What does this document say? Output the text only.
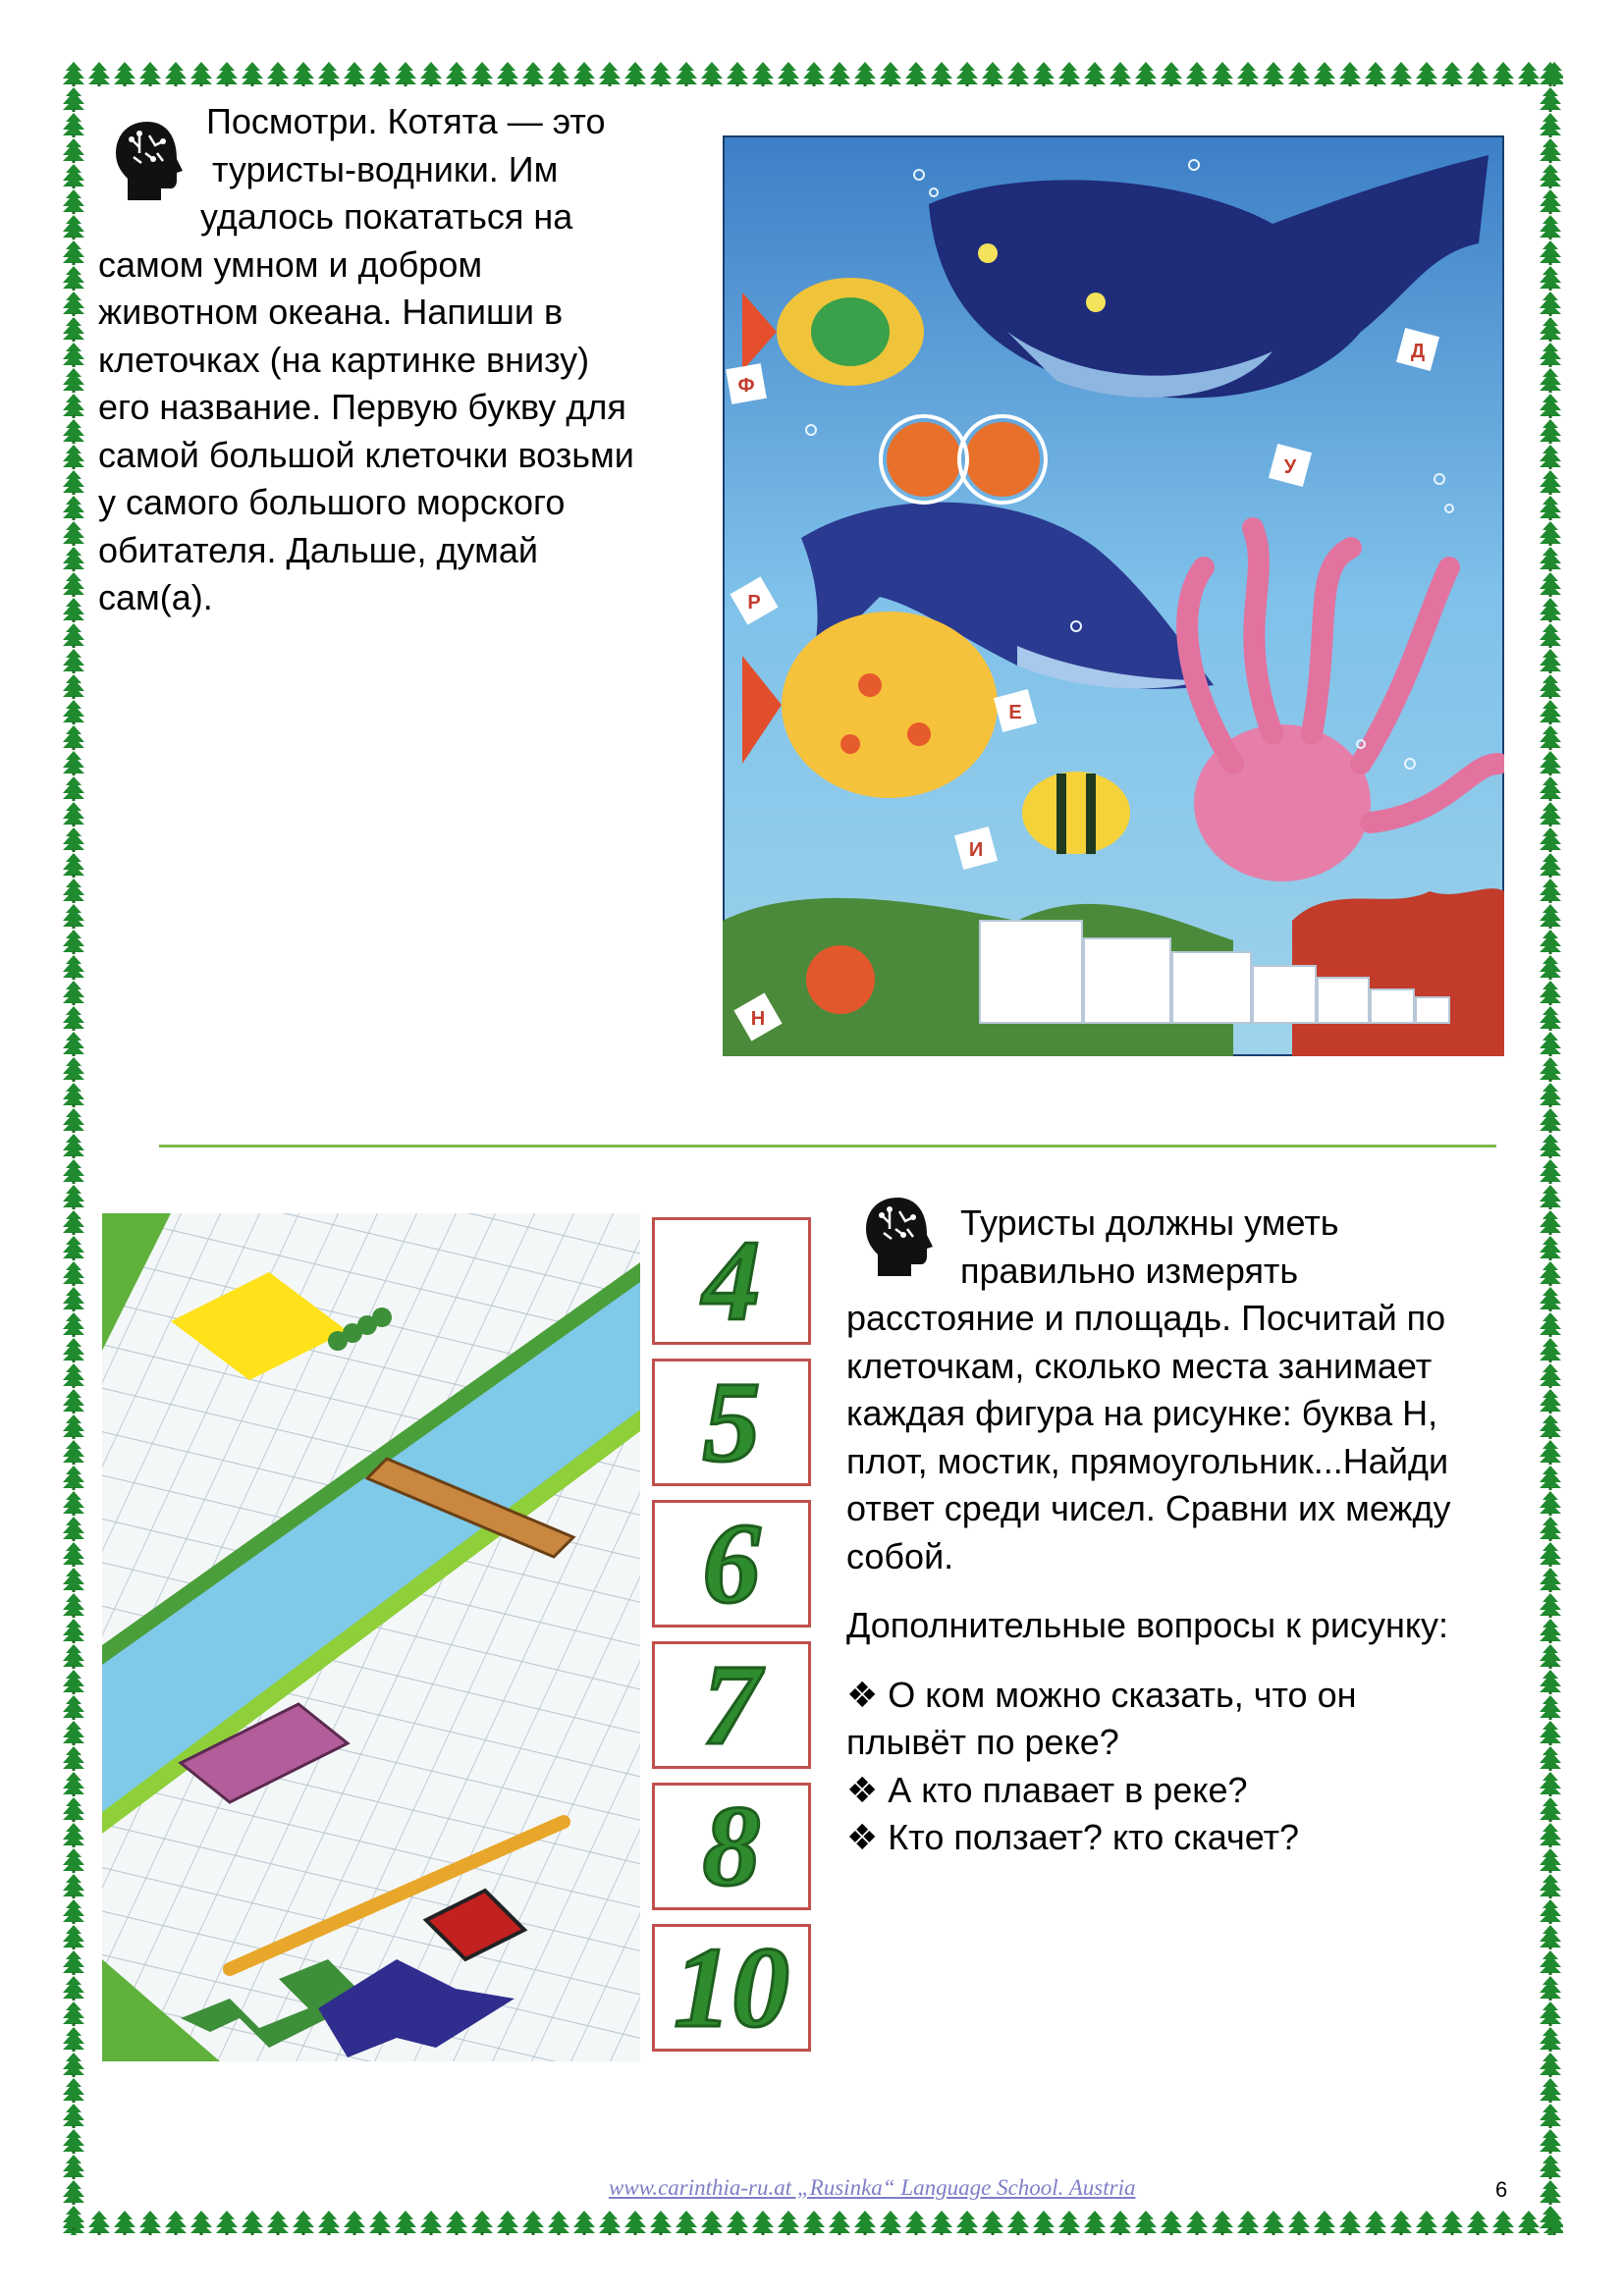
Посмотри. Котята — это
туристы-водники. Им
удалось покататься на
самом умном и добром
животном океана. Напиши в
клеточках (на картинке внизу)
его название. Первую букву для
самой большой клеточки возьми
у самого большого морского
обитателя. Дальше, думай
сам(а).
Ф
Д
У
Р
Е
И
Н
4
5
6
7
8
10
Туристы должны уметь
правильно измерять
расстояние и площадь. Посчитай по
клеточкам, сколько места занимает
каждая фигура на рисунке: буква Н,
плот, мостик, прямоугольник...Найди
ответ среди чисел. Сравни их между
собой.
Дополнительные вопросы к рисунку:
❖ О ком можно сказать, что он
плывёт по реке?
❖ А кто плавает в реке?
❖ Кто ползает? кто скачет?
www.carinthia-ru.at „Rusinka“ Language School. Austria	6
